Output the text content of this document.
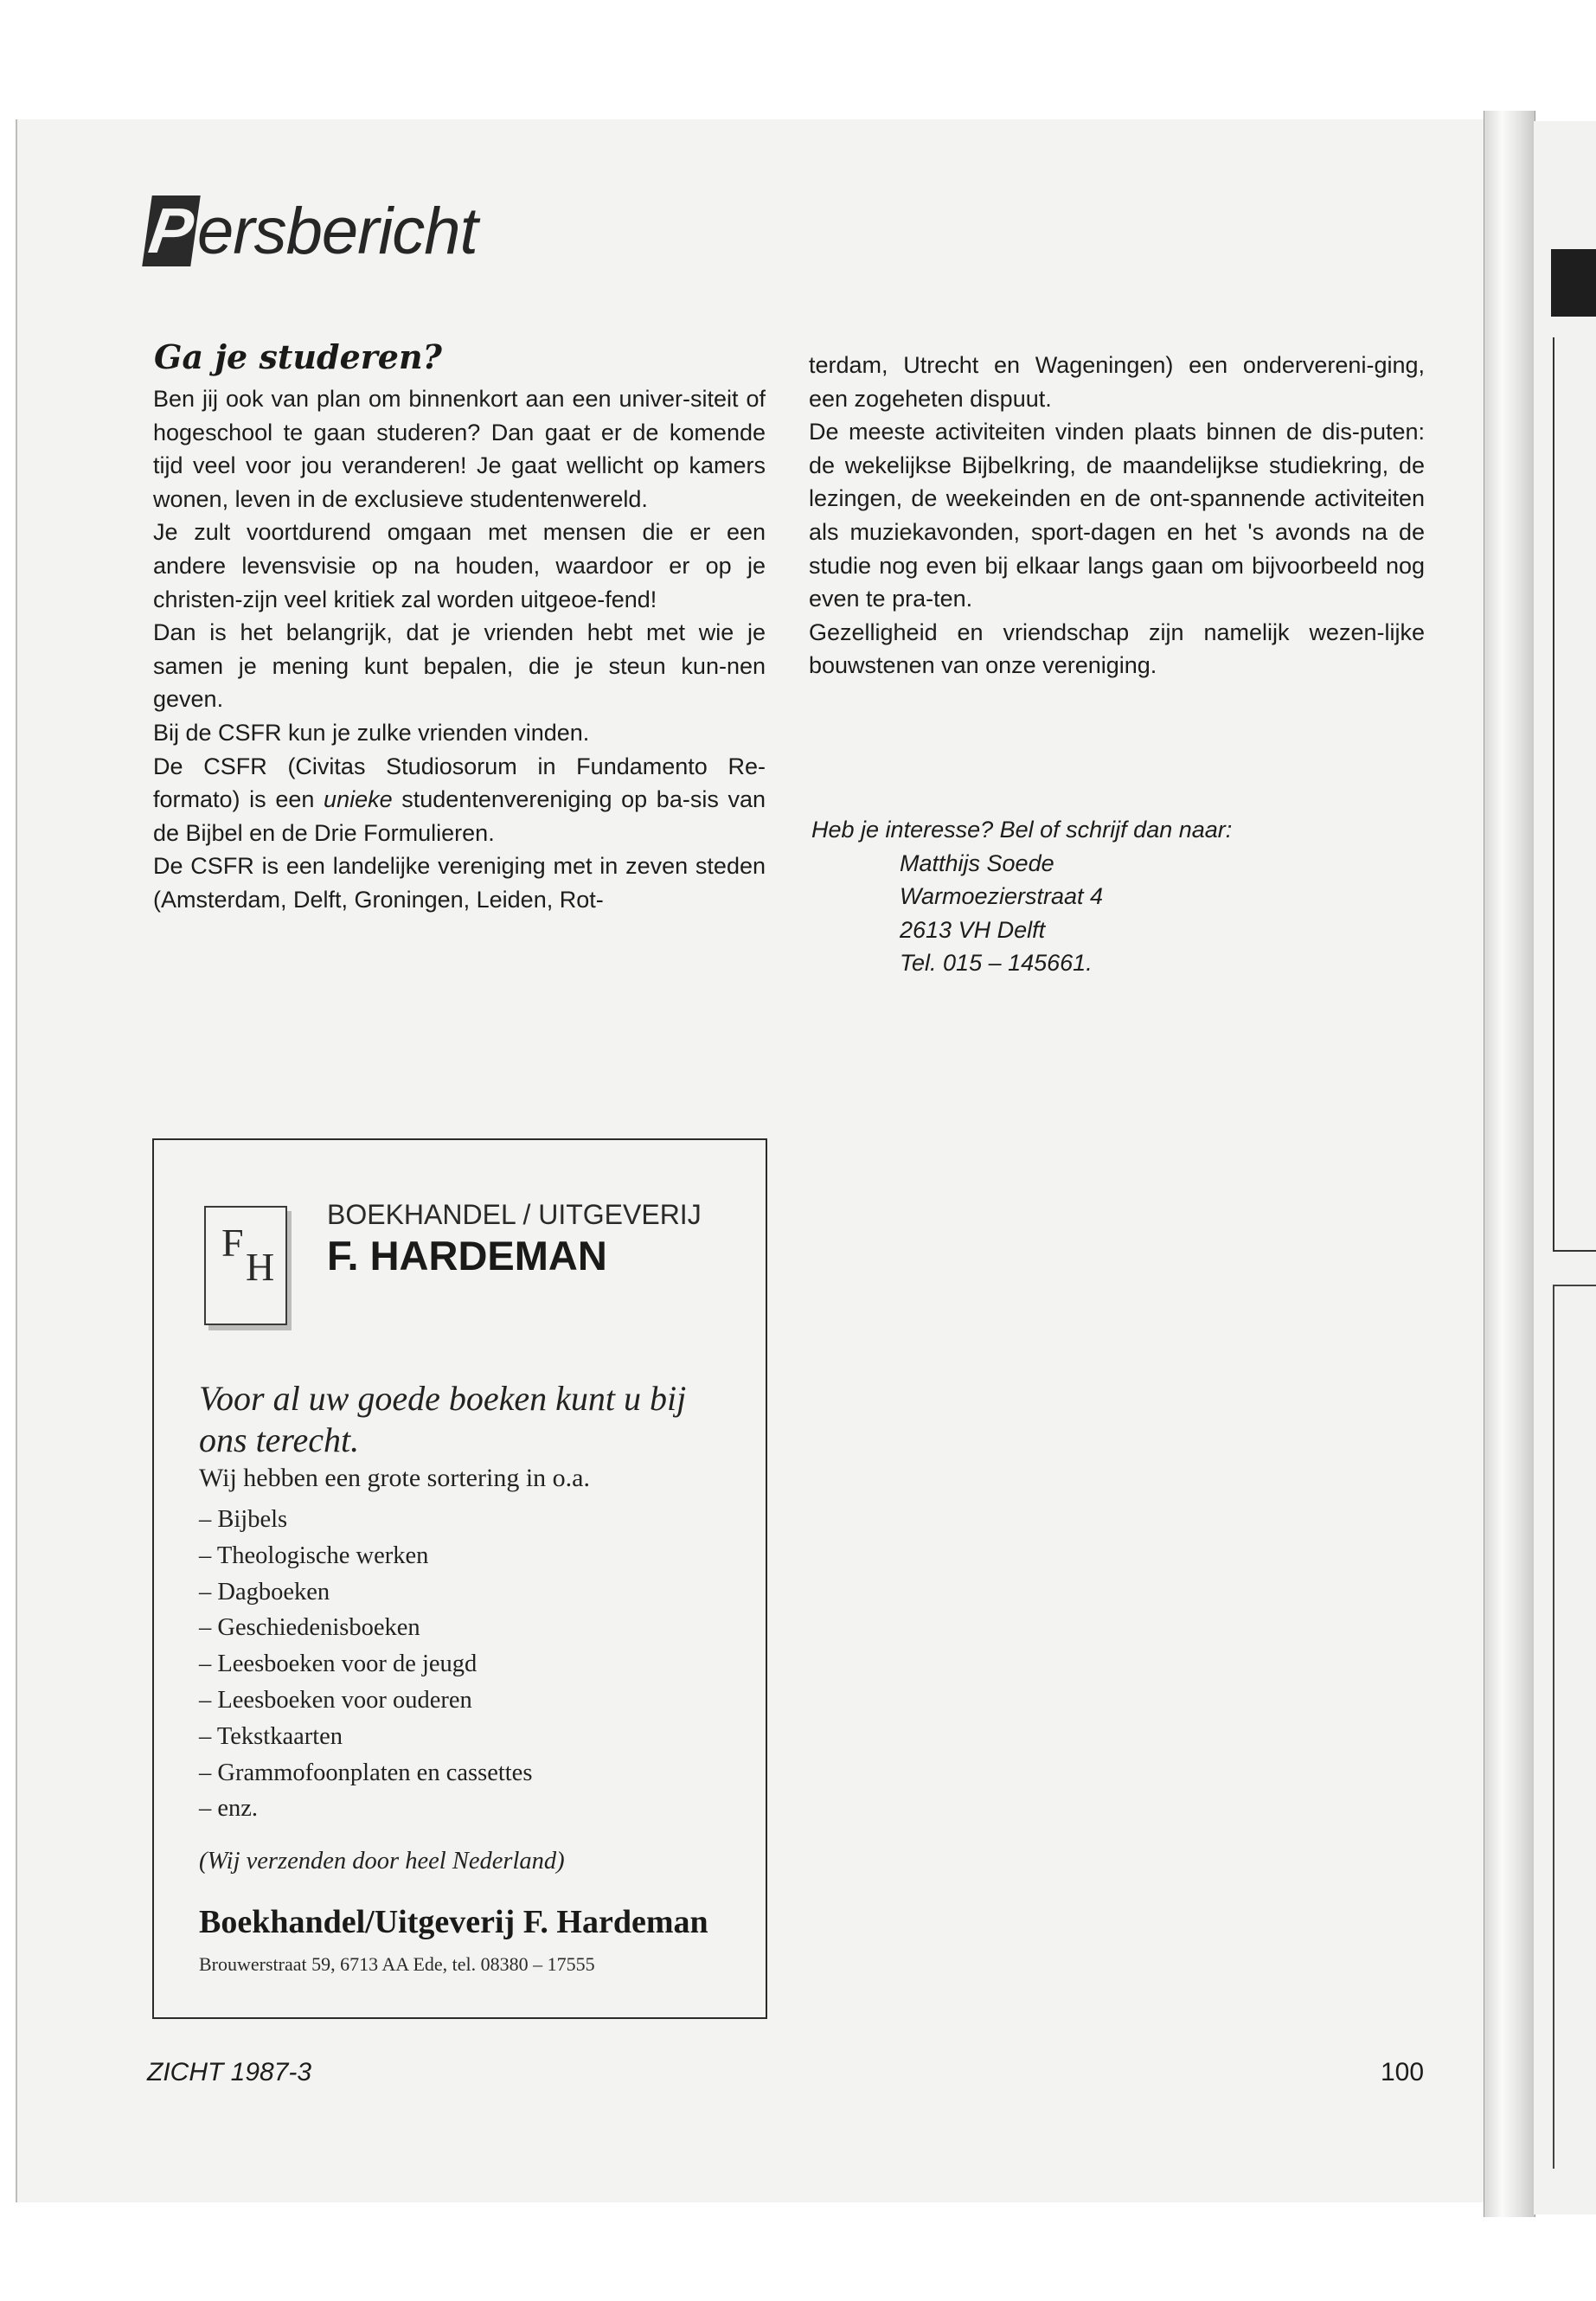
P ersbericht
Ga je studeren?

Ben jij ook van plan om binnenkort aan een univer-siteit of hogeschool te gaan studeren? Dan gaat er de komende tijd veel voor jou veranderen! Je gaat wellicht op kamers wonen, leven in de exclusieve studentenwereld.

Je zult voortdurend omgaan met mensen die er een andere levensvisie op na houden, waardoor er op je christen-zijn veel kritiek zal worden uitgeoe-fend!

Dan is het belangrijk, dat je vrienden hebt met wie je samen je mening kunt bepalen, die je steun kun-nen geven.

Bij de CSFR kun je zulke vrienden vinden.

De CSFR (Civitas Studiosorum in Fundamento Re-formato) is een unieke studentenvereniging op ba-sis van de Bijbel en de Drie Formulieren.

De CSFR is een landelijke vereniging met in zeven steden (Amsterdam, Delft, Groningen, Leiden, Rot-

terdam, Utrecht en Wageningen) een ondervereni-ging, een zogeheten dispuut.

De meeste activiteiten vinden plaats binnen de dis-puten: de wekelijkse Bijbelkring, de maandelijkse studiekring, de lezingen, de weekeinden en de ont-spannende activiteiten als muziekavonden, sport-dagen en het 's avonds na de studie nog even bij elkaar langs gaan om bijvoorbeeld nog even te pra-ten.

Gezelligheid en vriendschap zijn namelijk wezen-lijke bouwstenen van onze vereniging.

Heb je interesse? Bel of schrijf dan naar:
Matthijs Soede
Warmoezierstraat 4
2613 VH Delft
Tel. 015 – 145661.
F
H
BOEKHANDEL / UITGEVERIJ
F. HARDEMAN
Voor al uw goede boeken kunt u bij ons terecht.
Wij hebben een grote sortering in o.a.
– Bijbels
– Theologische werken
– Dagboeken
– Geschiedenisboeken
– Leesboeken voor de jeugd
– Leesboeken voor ouderen
– Tekstkaarten
– Grammofoonplaten en cassettes
– enz.
(Wij verzenden door heel Nederland)
Boekhandel/Uitgeverij F. Hardeman
Brouwerstraat 59, 6713 AA Ede, tel. 08380 – 17555
ZICHT 1987-3	100
